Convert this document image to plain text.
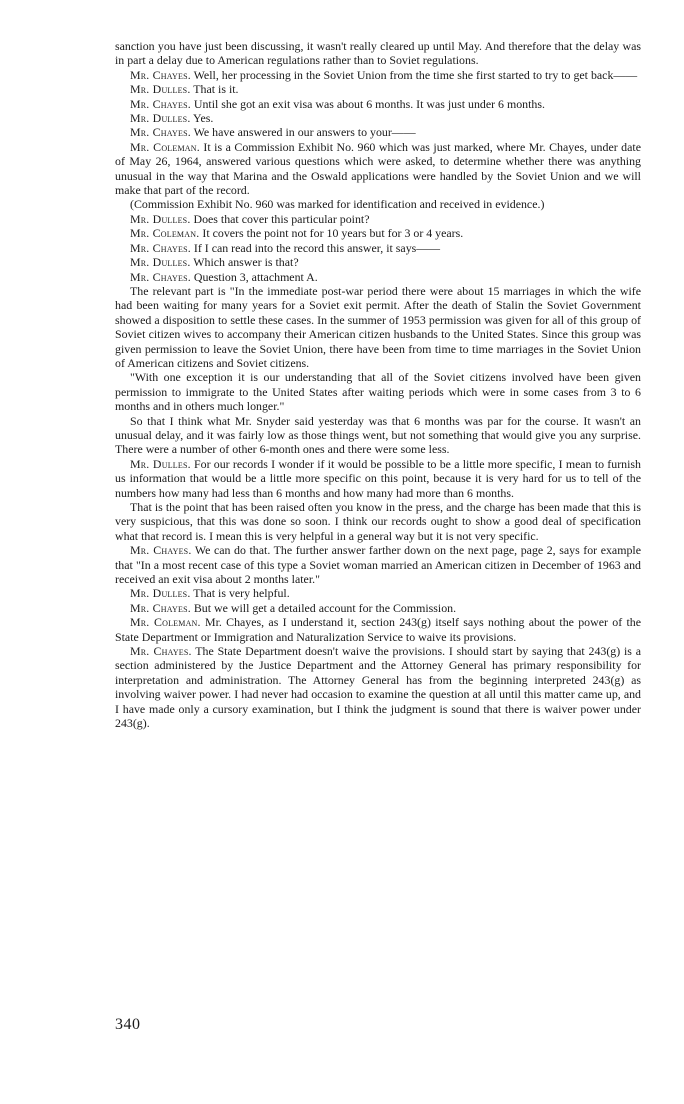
sanction you have just been discussing, it wasn't really cleared up until May. And therefore that the delay was in part a delay due to American regulations rather than to Soviet regulations.

Mr. Chayes. Well, her processing in the Soviet Union from the time she first started to try to get back——

Mr. Dulles. That is it.

Mr. Chayes. Until she got an exit visa was about 6 months. It was just under 6 months.

Mr. Dulles. Yes.

Mr. Chayes. We have answered in our answers to your——

Mr. Coleman. It is a Commission Exhibit No. 960 which was just marked, where Mr. Chayes, under date of May 26, 1964, answered various questions which were asked, to determine whether there was anything unusual in the way that Marina and the Oswald applications were handled by the Soviet Union and we will make that part of the record.

(Commission Exhibit No. 960 was marked for identification and received in evidence.)

Mr. Dulles. Does that cover this particular point?

Mr. Coleman. It covers the point not for 10 years but for 3 or 4 years.

Mr. Chayes. If I can read into the record this answer, it says——

Mr. Dulles. Which answer is that?

Mr. Chayes. Question 3, attachment A.

The relevant part is "In the immediate post-war period there were about 15 marriages in which the wife had been waiting for many years for a Soviet exit permit. After the death of Stalin the Soviet Government showed a disposition to settle these cases. In the summer of 1953 permission was given for all of this group of Soviet citizen wives to accompany their American citizen husbands to the United States. Since this group was given permission to leave the Soviet Union, there have been from time to time marriages in the Soviet Union of American citizens and Soviet citizens.

"With one exception it is our understanding that all of the Soviet citizens involved have been given permission to immigrate to the United States after waiting periods which were in some cases from 3 to 6 months and in others much longer."

So that I think what Mr. Snyder said yesterday was that 6 months was par for the course. It wasn't an unusual delay, and it was fairly low as those things went, but not something that would give you any surprise. There were a number of other 6-month ones and there were some less.

Mr. Dulles. For our records I wonder if it would be possible to be a little more specific, I mean to furnish us information that would be a little more specific on this point, because it is very hard for us to tell of the numbers how many had less than 6 months and how many had more than 6 months.

That is the point that has been raised often you know in the press, and the charge has been made that this is very suspicious, that this was done so soon. I think our records ought to show a good deal of specification what that record is. I mean this is very helpful in a general way but it is not very specific.

Mr. Chayes. We can do that. The further answer farther down on the next page, page 2, says for example that "In a most recent case of this type a Soviet woman married an American citizen in December of 1963 and received an exit visa about 2 months later."

Mr. Dulles. That is very helpful.

Mr. Chayes. But we will get a detailed account for the Commission.

Mr. Coleman. Mr. Chayes, as I understand it, section 243(g) itself says nothing about the power of the State Department or Immigration and Naturalization Service to waive its provisions.

Mr. Chayes. The State Department doesn't waive the provisions. I should start by saying that 243(g) is a section administered by the Justice Department and the Attorney General has primary responsibility for interpretation and administration. The Attorney General has from the beginning interpreted 243(g) as involving waiver power. I had never had occasion to examine the question at all until this matter came up, and I have made only a cursory examination, but I think the judgment is sound that there is waiver power under 243(g).

340
